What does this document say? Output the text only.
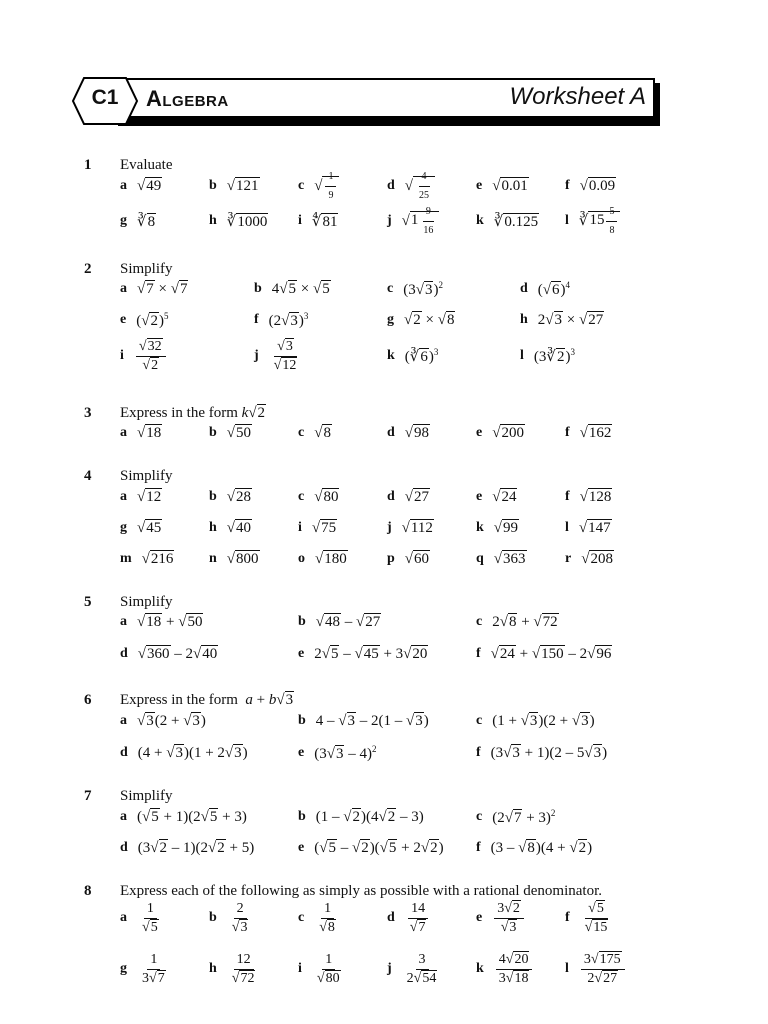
C1	Algebra	Worksheet A
1 Evaluate
a √49	b √121	c √ $\frac{1}{9}$	d √ $\frac{4}{25}$	e √0.01	f √0.09
g ∛8	h ∛1000 i ∜81	j $√1 \frac{9}{16}$	k ∛0.125 l ∛15 $\frac{5}{8}$
2 Simplify
a √7 × √7	b 4√5 × √5	c $(3√3)^2$	d $(√6)^4$
e $(√2)^5$	f $(2√3)^3$	g √2 × √8	h 2√3 × √27
i $\frac{√32}{√2}$	j $\frac{√3}{√12}$	k (∛6)$^3$	l (3∛2)$^3$
3 Express in the form k√2
a √18	b √50	c √8	d √98	e √200	f √162
4 Simplify
a √12	b √28	c √80	d √27	e √24	f √128
g √45	h √40	i √75	j √112	k √99	l √147
m √216	n √800	o √180	p √60	q √363	r √208
5 Simplify
a √18 + √50	b √48 – √27	c 2√8 + √72
d √360 – 2√40	e 2√5 – √45 + 3√20	f √24 + √150 – 2√96
6 Express in the form  a + b√3
a √3(2 + √3)	b 4 – √3 – 2(1 – √3)	c (1 + √3)(2 + √3)
d (4 + √3)(1 + 2√3)	e (3√3 – 4)$^2$	f (3√3 + 1)(2 – 5√3)
7 Simplify
a (√5 + 1)(2√5 + 3)	b (1 – √2)(4√2 – 3)	c $(2√7 + 3)^2$
d (3√2 – 1)(2√2 + 5)	e (√5 – √2)(√5 + 2√2) f (3 – √8)(4 + √2)
8 Express each of the following as simply as possible with a rational denominator.
a $\frac{1}{√5}$	b $\frac{2}{√3}$	c $\frac{1}{√8}$	d $\frac{14}{√7}$	e $\frac{3√2}{√3}$	f $\frac{√5}{√15}$
g $\frac{1}{3√7}$	h $\frac{12}{√72}$	i $\frac{1}{√80}$	j $\frac{3}{2√54}$	k $\frac{4√20}{3√18}$ l $\frac{3√175}{2√27}$
